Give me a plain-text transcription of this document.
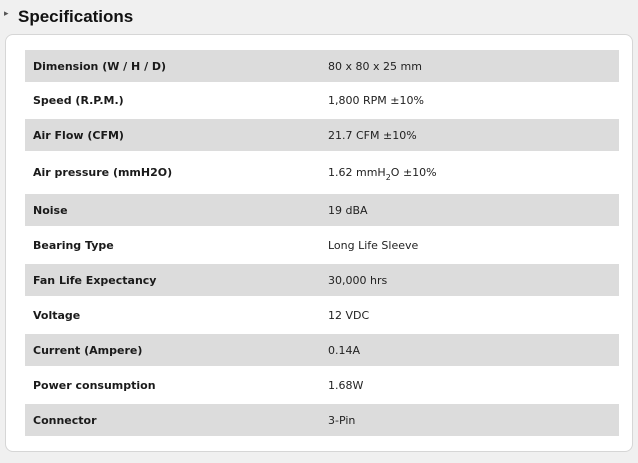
▸ Specifications
Dimension (W / H / D)	80 x 80 x 25 mm
Speed (R.P.M.)	1,800 RPM ±10%
Air Flow (CFM)	21.7 CFM ±10%
Air pressure (mmH2O)	1.62 mmH$_2$O ±10%
Noise	19 dBA
Bearing Type	Long Life Sleeve
Fan Life Expectancy	30,000 hrs
Voltage	12 VDC
Current (Ampere)	0.14A
Power consumption	1.68W
Connector	3-Pin
